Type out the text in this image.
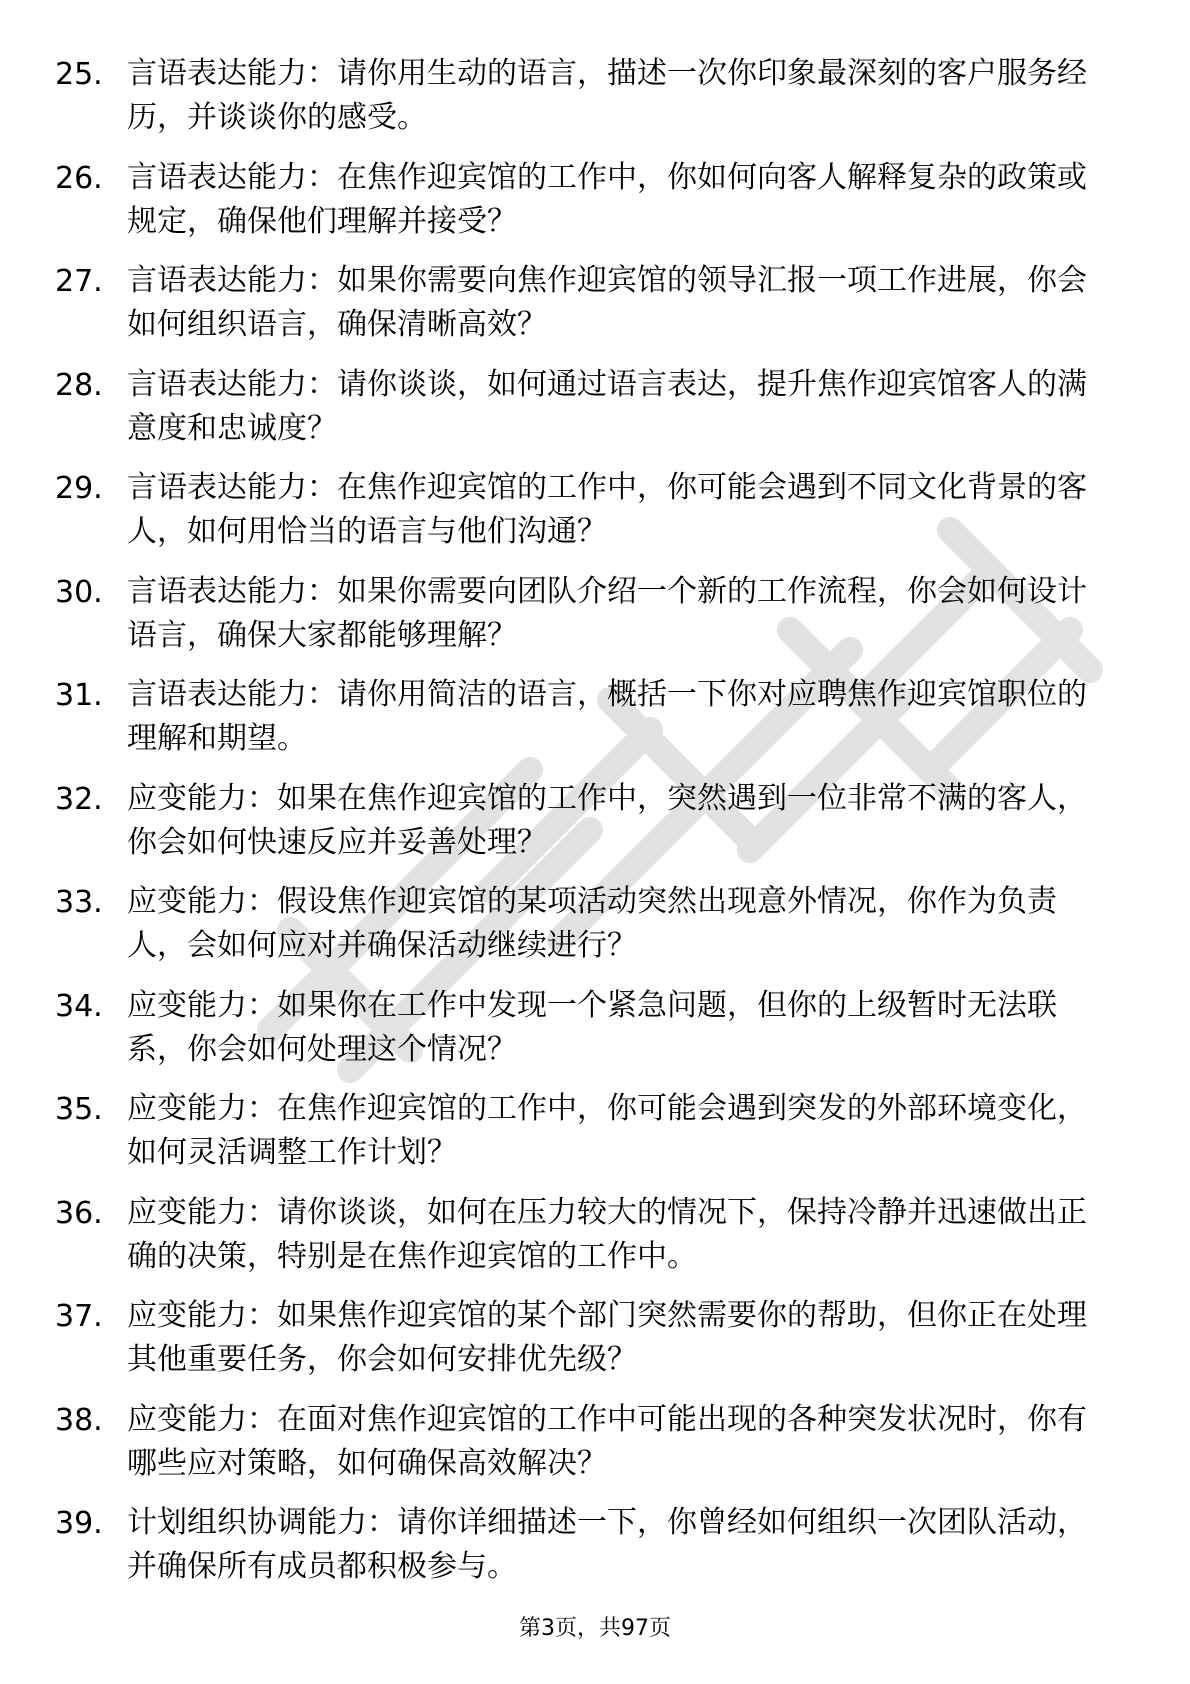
25. 言语表达能力：请你用生动的语言，描述一次你印象最深刻的客户服务经历，并谈谈你的感受。
26. 言语表达能力：在焦作迎宾馆的工作中，你如何向客人解释复杂的政策或规定，确保他们理解并接受？
27. 言语表达能力：如果你需要向焦作迎宾馆的领导汇报一项工作进展，你会如何组织语言，确保清晰高效？
28. 言语表达能力：请你谈谈，如何通过语言表达，提升焦作迎宾馆客人的满意度和忠诚度？
29. 言语表达能力：在焦作迎宾馆的工作中，你可能会遇到不同文化背景的客人，如何用恰当的语言与他们沟通？
30. 言语表达能力：如果你需要向团队介绍一个新的工作流程，你会如何设计语言，确保大家都能够理解？
31. 言语表达能力：请你用简洁的语言，概括一下你对应聘焦作迎宾馆职位的理解和期望。
32. 应变能力：如果在焦作迎宾馆的工作中，突然遇到一位非常不满的客人，你会如何快速反应并妥善处理？
33. 应变能力：假设焦作迎宾馆的某项活动突然出现意外情况，你作为负责人，会如何应对并确保活动继续进行？
34. 应变能力：如果你在工作中发现一个紧急问题，但你的上级暂时无法联系，你会如何处理这个情况？
35. 应变能力：在焦作迎宾馆的工作中，你可能会遇到突发的外部环境变化，如何灵活调整工作计划？
36. 应变能力：请你谈谈，如何在压力较大的情况下，保持冷静并迅速做出正确的决策，特别是在焦作迎宾馆的工作中。
37. 应变能力：如果焦作迎宾馆的某个部门突然需要你的帮助，但你正在处理其他重要任务，你会如何安排优先级？
38. 应变能力：在面对焦作迎宾馆的工作中可能出现的各种突发状况时，你有哪些应对策略，如何确保高效解决？
39. 计划组织协调能力：请你详细描述一下，你曾经如何组织一次团队活动，并确保所有成员都积极参与。
第3页，共97页
